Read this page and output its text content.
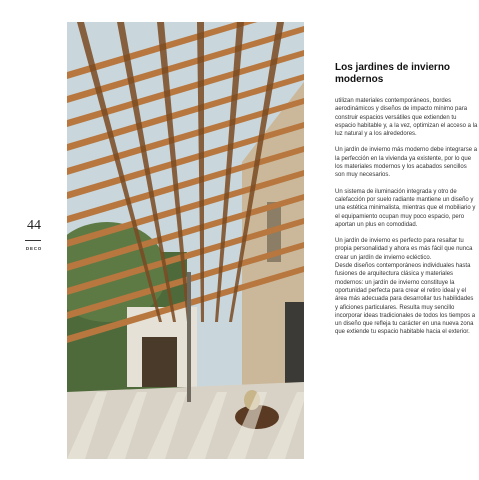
44
DECO
Los jardines de invierno modernos

utilizan materiales contemporáneos, bordes aerodinámicos y diseños de impacto mínimo para construir espacios versátiles que extienden tu espacio habitable y, a la vez, optimizan el acceso a la luz natural y a los alrededores.

Un jardín de invierno más moderno debe integrarse a la perfección en la vivienda ya existente, por lo que los materiales modernos y los acabados sencillos son muy necesarios.

Un sistema de iluminación integrada y otro de calefacción por suelo radiante mantiene un diseño y una estética minimalista, mientras que el mobiliario y el equipamiento ocupan muy poco espacio, pero aportan un plus en comodidad.

Un jardín de invierno es perfecto para resaltar tu propia personalidad y ahora es más fácil que nunca crear un jardín de invierno ecléctico.
Desde diseños contemporáneos individuales hasta fusiones de arquitectura clásica y materiales modernos: un jardín de invierno constituye la oportunidad perfecta para crear el retiro ideal y el área más adecuada para desarrollar tus habilidades y aficiones particulares. Resulta muy sencillo incorporar ideas tradicionales de todos los tiempos a un diseño que refleja tu carácter en una nueva zona que extiende tu espacio habitable hacia el exterior.
